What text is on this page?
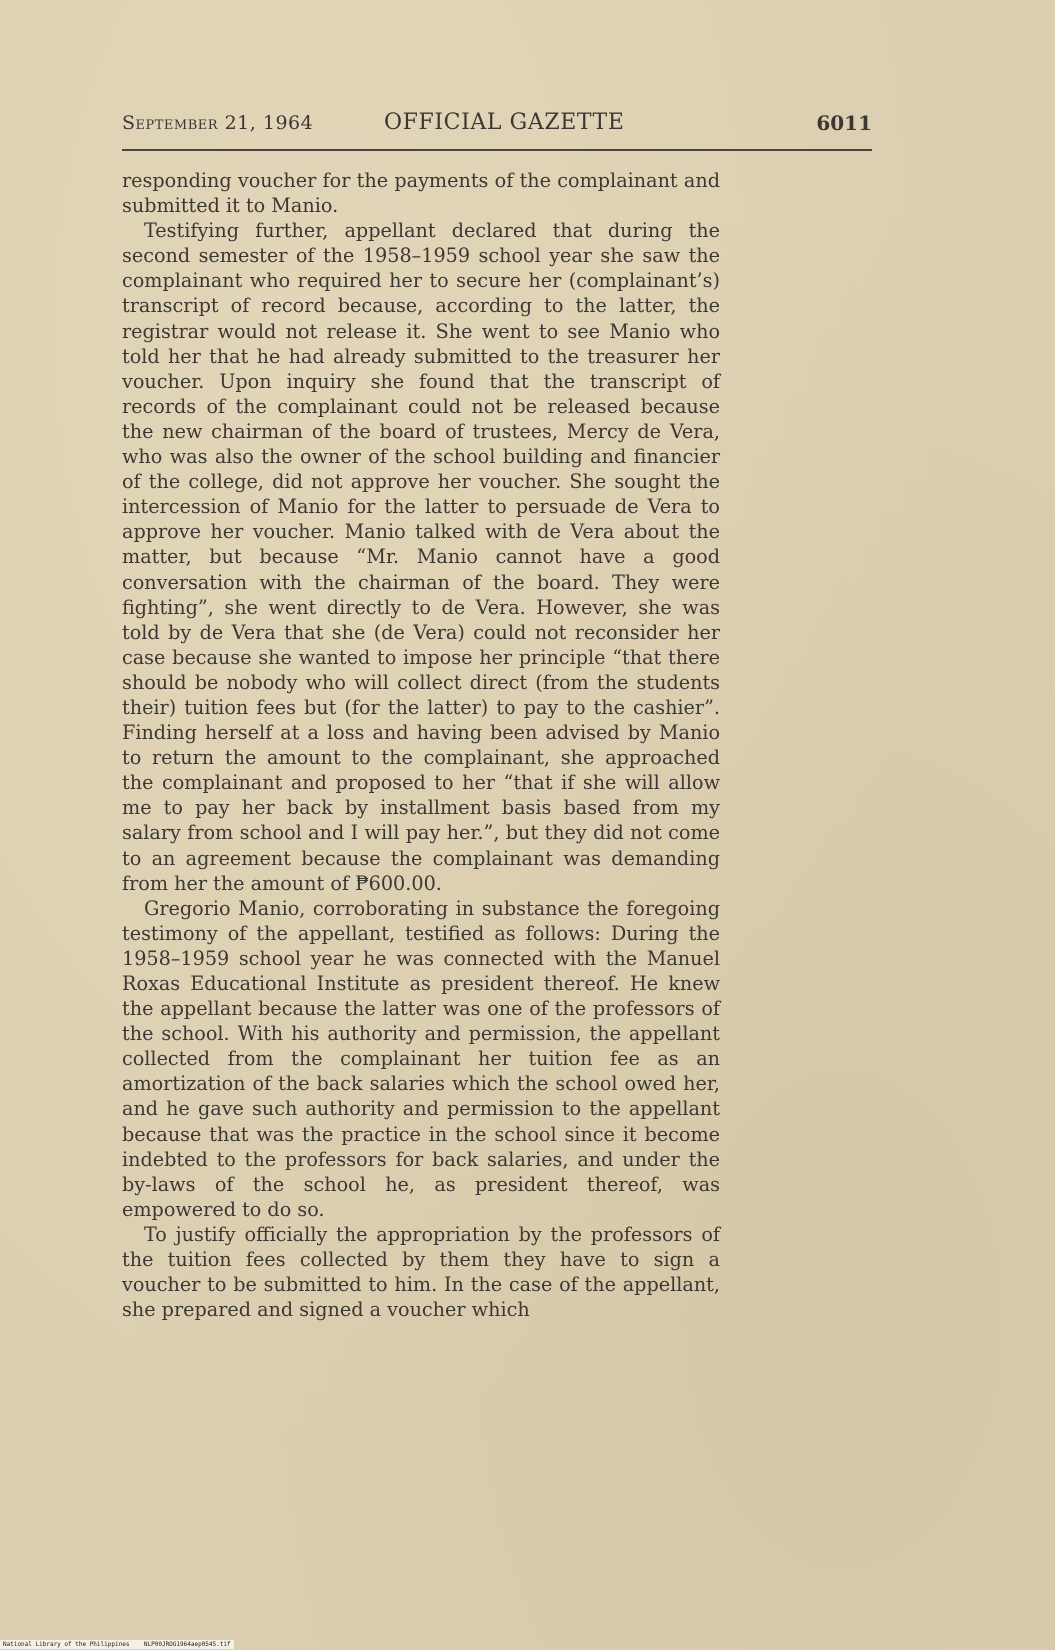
September 21, 1964	OFFICIAL GAZETTE	6011

responding voucher for the payments of the complainant and submitted it to Manio.

Testifying further, appellant declared that during the second semester of the 1958–1959 school year she saw the complainant who required her to secure her (complainant’s) transcript of record because, according to the latter, the registrar would not release it. She went to see Manio who told her that he had already submitted to the treasurer her voucher. Upon inquiry she found that the transcript of records of the complainant could not be released because the new chairman of the board of trustees, Mercy de Vera, who was also the owner of the school building and financier of the college, did not approve her voucher. She sought the intercession of Manio for the latter to persuade de Vera to approve her voucher. Manio talked with de Vera about the matter, but because “Mr. Manio cannot have a good conversation with the chairman of the board. They were fighting”, she went directly to de Vera. However, she was told by de Vera that she (de Vera) could not reconsider her case because she wanted to impose her principle “that there should be nobody who will collect direct (from the students their) tuition fees but (for the latter) to pay to the cashier”. Finding herself at a loss and having been advised by Manio to return the amount to the complainant, she approached the complainant and proposed to her “that if she will allow me to pay her back by installment basis based from my salary from school and I will pay her.”, but they did not come to an agreement because the complainant was demanding from her the amount of ₱600.00.

Gregorio Manio, corroborating in substance the foregoing testimony of the appellant, testified as follows: During the 1958–1959 school year he was connected with the Manuel Roxas Educational Institute as president thereof. He knew the appellant because the latter was one of the professors of the school. With his authority and permission, the appellant collected from the complainant her tuition fee as an amortization of the back salaries which the school owed her, and he gave such authority and permission to the appellant because that was the practice in the school since it become indebted to the professors for back salaries, and under the by-laws of the school he, as president thereof, was empowered to do so.

To justify officially the appropriation by the professors of the tuition fees collected by them they have to sign a voucher to be submitted to him. In the case of the appellant, she prepared and signed a voucher which

National Library of the Philippines NLP00JROG1964aep0545.tif
